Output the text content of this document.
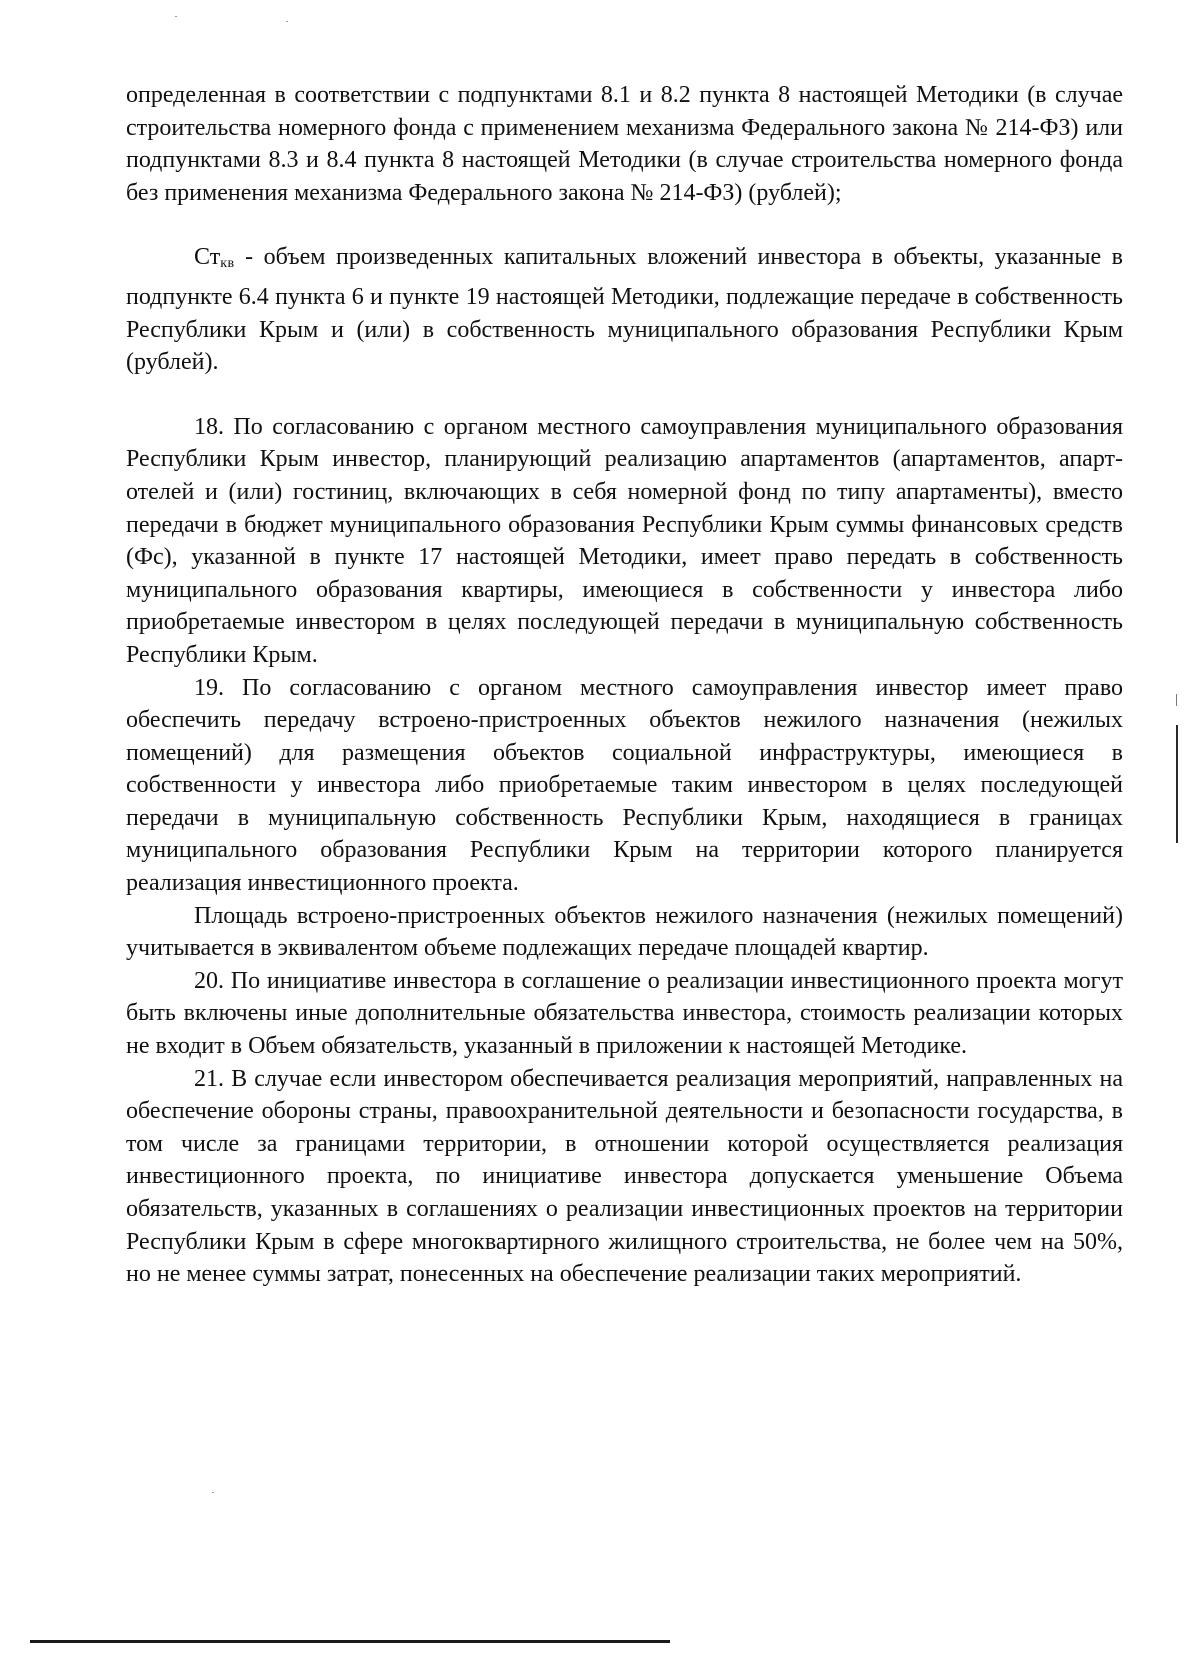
определенная в соответствии с подпунктами 8.1 и 8.2 пункта 8 настоящей Методики (в случае строительства номерного фонда с применением механизма Федерального закона № 214-ФЗ) или подпунктами 8.3 и 8.4 пункта 8 настоящей Методики (в случае строительства номерного фонда без применения механизма Федерального закона № 214-ФЗ) (рублей);

$Ст_{кв}$ - объем произведенных капитальных вложений инвестора в объекты, указанные в подпункте 6.4 пункта 6 и пункте 19 настоящей Методики, подлежащие передаче в собственность Республики Крым и (или) в собственность муниципального образования Республики Крым (рублей).

18. По согласованию с органом местного самоуправления муниципального образования Республики Крым инвестор, планирующий реализацию апартаментов (апартаментов, апарт-отелей и (или) гостиниц, включающих в себя номерной фонд по типу апартаменты), вместо передачи в бюджет муниципального образования Республики Крым суммы финансовых средств (Фс), указанной в пункте 17 настоящей Методики, имеет право передать в собственность муниципального образования квартиры, имеющиеся в собственности у инвестора либо приобретаемые инвестором в целях последующей передачи в муниципальную собственность Республики Крым.

19. По согласованию с органом местного самоуправления инвестор имеет право обеспечить передачу встроено-пристроенных объектов нежилого назначения (нежилых помещений) для размещения объектов социальной инфраструктуры, имеющиеся в собственности у инвестора либо приобретаемые таким инвестором в целях последующей передачи в муниципальную собственность Республики Крым, находящиеся в границах муниципального образования Республики Крым на территории которого планируется реализация инвестиционного проекта.

Площадь встроено-пристроенных объектов нежилого назначения (нежилых помещений) учитывается в эквивалентом объеме подлежащих передаче площадей квартир.

20. По инициативе инвестора в соглашение о реализации инвестиционного проекта могут быть включены иные дополнительные обязательства инвестора, стоимость реализации которых не входит в Объем обязательств, указанный в приложении к настоящей Методике.

21. В случае если инвестором обеспечивается реализация мероприятий, направленных на обеспечение обороны страны, правоохранительной деятельности и безопасности государства, в том числе за границами территории, в отношении которой осуществляется реализация инвестиционного проекта, по инициативе инвестора допускается уменьшение Объема обязательств, указанных в соглашениях о реализации инвестиционных проектов на территории Республики Крым в сфере многоквартирного жилищного строительства, не более чем на 50%, но не менее суммы затрат, понесенных на обеспечение реализации таких мероприятий.
